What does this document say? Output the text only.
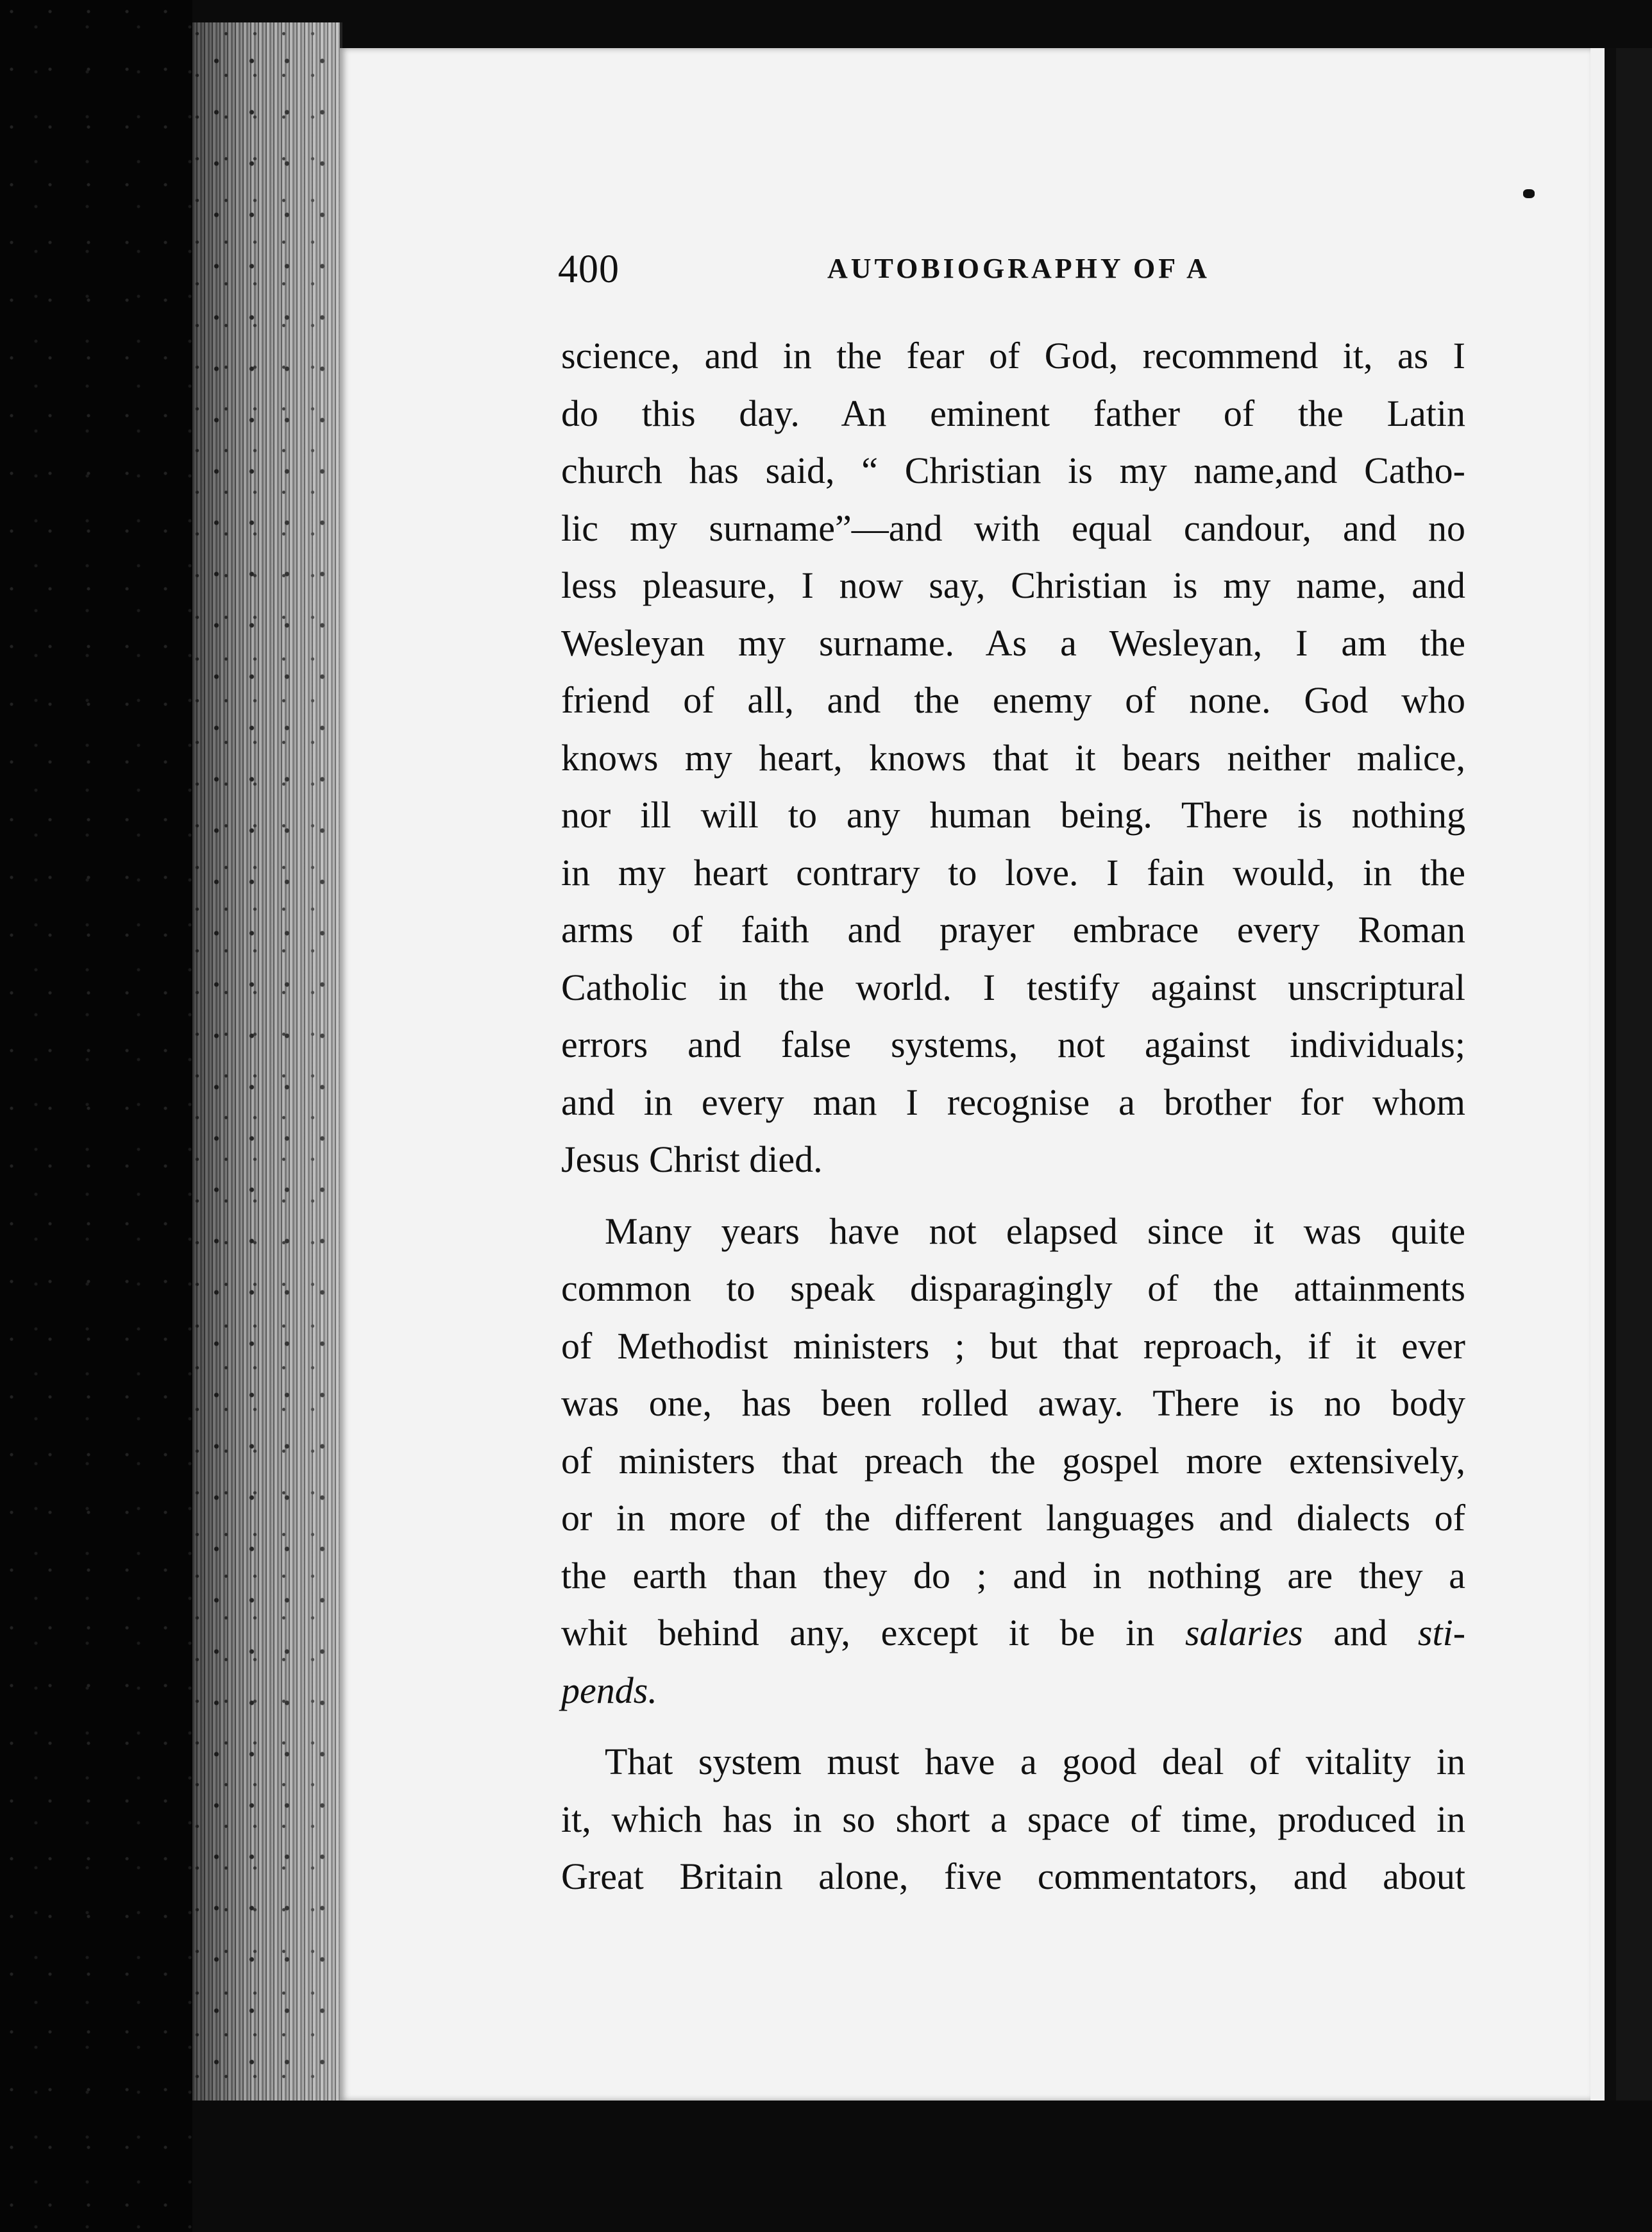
400	AUTOBIOGRAPHY OF A
science, and in the fear of God, recommend it, as I
do this day. An eminent father of the Latin
church has said, “ Christian is my name,and Catho-
lic my surname”—and with equal candour, and no
less pleasure, I now say, Christian is my name, and
Wesleyan my surname. As a Wesleyan, I am the
friend of all, and the enemy of none. God who
knows my heart, knows that it bears neither malice,
nor ill will to any human being. There is nothing
in my heart contrary to love. I fain would, in the
arms of faith and prayer embrace every Roman
Catholic in the world. I testify against unscriptural
errors and false systems, not against individuals;
and in every man I recognise a brother for whom
Jesus Christ died.
Many years have not elapsed since it was quite
common to speak disparagingly of the attainments
of Methodist ministers ; but that reproach, if it ever
was one, has been rolled away. There is no body
of ministers that preach the gospel more extensively,
or in more of the different languages and dialects of
the earth than they do ; and in nothing are they a
whit behind any, except it be in salaries and sti-
pends.
That system must have a good deal of vitality in
it, which has in so short a space of time, produced in
Great Britain alone, five commentators, and about
